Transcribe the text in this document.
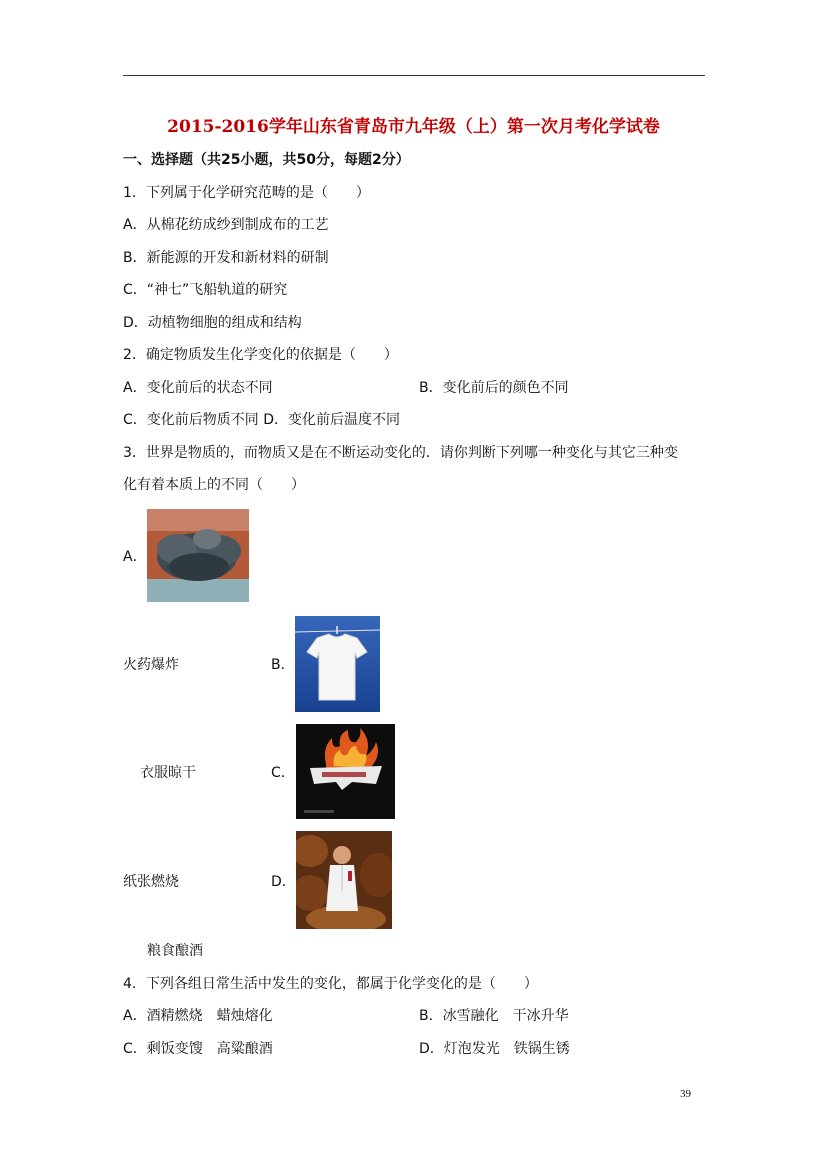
2015-2016学年山东省青岛市九年级（上）第一次月考化学试卷
一、选择题（共25小题，共50分，每题2分）
1．下列属于化学研究范畴的是（　　）
A．从棉花纺成纱到制成布的工艺
B．新能源的开发和新材料的研制
C．“神七”飞船轨道的研究
D．动植物细胞的组成和结构
2．确定物质发生化学变化的依据是（　　）
A．变化前后的状态不同	B．变化前后的颜色不同
C．变化前后物质不同 D．变化前后温度不同
3．世界是物质的，而物质又是在不断运动变化的．请你判断下列哪一种变化与其它三种变
化有着本质上的不同（　　）
A．
火药爆炸	B．
衣服晾干	C．
纸张燃烧	D．
粮食酿酒
4．下列各组日常生活中发生的变化，都属于化学变化的是（　　）
A．酒精燃烧　蜡烛熔化	B．冰雪融化　干冰升华
C．剩饭变馊　高粱酿酒	D．灯泡发光　铁锅生锈
39
